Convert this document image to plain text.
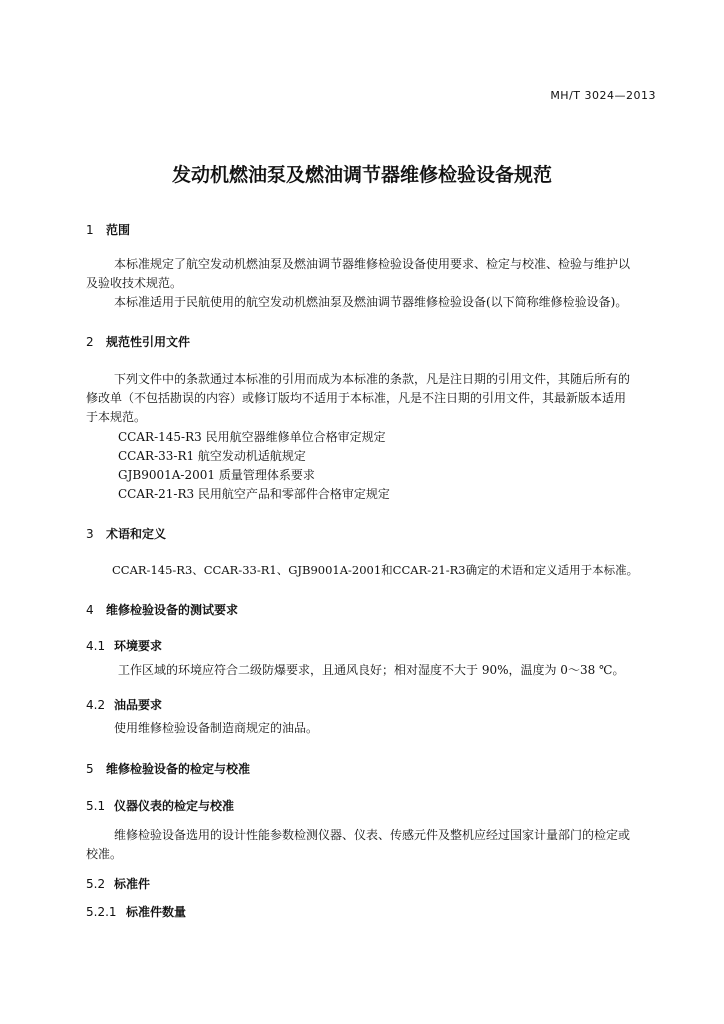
MH/T 3024—2013
发动机燃油泵及燃油调节器维修检验设备规范
1 范围
本标准规定了航空发动机燃油泵及燃油调节器维修检验设备使用要求、检定与校准、检验与维护以
及验收技术规范。
本标准适用于民航使用的航空发动机燃油泵及燃油调节器维修检验设备(以下简称维修检验设备)。
2 规范性引用文件
下列文件中的条款通过本标准的引用而成为本标准的条款，凡是注日期的引用文件，其随后所有的
修改单（不包括勘误的内容）或修订版均不适用于本标准，凡是不注日期的引用文件，其最新版本适用
于本规范。
CCAR-145-R3 民用航空器维修单位合格审定规定
CCAR-33-R1 航空发动机适航规定
GJB9001A-2001 质量管理体系要求
CCAR-21-R3 民用航空产品和零部件合格审定规定
3 术语和定义
CCAR-145-R3、CCAR-33-R1、GJB9001A-2001和CCAR-21-R3确定的术语和定义适用于本标准。
4 维修检验设备的测试要求
4.1 环境要求
工作区域的环境应符合二级防爆要求，且通风良好；相对湿度不大于 90%，温度为 0～38 ℃。
4.2 油品要求
使用维修检验设备制造商规定的油品。
5 维修检验设备的检定与校准
5.1 仪器仪表的检定与校准
维修检验设备选用的设计性能参数检测仪器、仪表、传感元件及整机应经过国家计量部门的检定或
校准。
5.2 标准件
5.2.1 标准件数量
